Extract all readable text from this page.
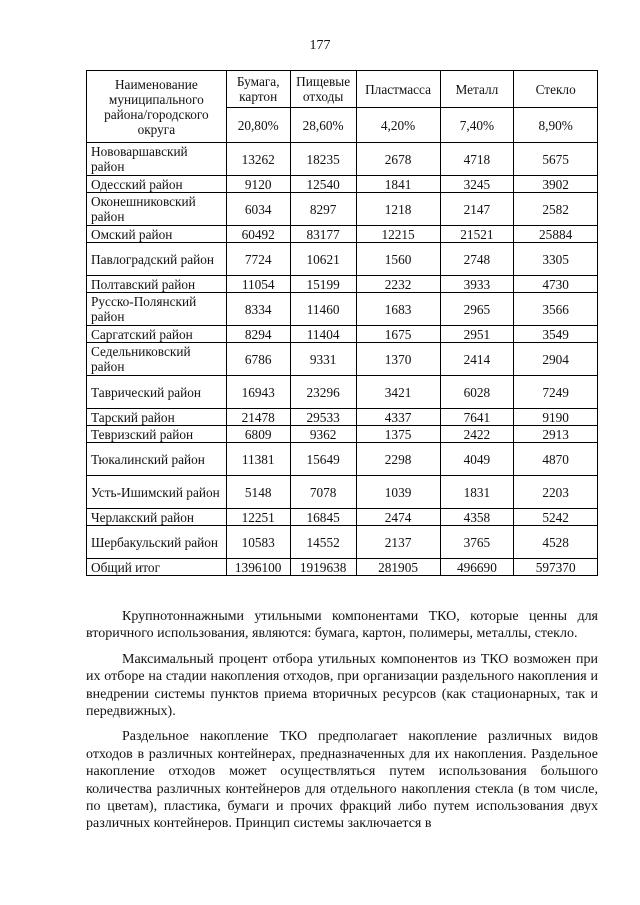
177
Наименование муниципального района/городского округа	Бумага, картон	Пищевые отходы	Пластмасса	Металл	Стекло
	20,80%	28,60%	4,20%	7,40%	8,90%
Нововаршавский район	13262	18235	2678	4718	5675
Одесский район	9120	12540	1841	3245	3902
Оконешниковский район	6034	8297	1218	2147	2582
Омский район	60492	83177	12215	21521	25884
Павлоградский район	7724	10621	1560	2748	3305
Полтавский район	11054	15199	2232	3933	4730
Русско-Полянский район	8334	11460	1683	2965	3566
Саргатский район	8294	11404	1675	2951	3549
Седельниковский район	6786	9331	1370	2414	2904
Таврический район	16943	23296	3421	6028	7249
Тарский район	21478	29533	4337	7641	9190
Тевризский район	6809	9362	1375	2422	2913
Тюкалинский район	11381	15649	2298	4049	4870
Усть-Ишимский район	5148	7078	1039	1831	2203
Черлакский район	12251	16845	2474	4358	5242
Шербакульский район	10583	14552	2137	3765	4528
Общий итог	1396100	1919638	281905	496690	597370

Крупнотоннажными утильными компонентами ТКО, которые ценны для вторичного использования, являются: бумага, картон, полимеры, металлы, стекло.

Максимальный процент отбора утильных компонентов из ТКО возможен при их отборе на стадии накопления отходов, при организации раздельного накопления и внедрении системы пунктов приема вторичных ресурсов (как стационарных, так и передвижных).

Раздельное накопление ТКО предполагает накопление различных видов отходов в различных контейнерах, предназначенных для их накопления. Раздельное накопление отходов может осуществляться путем использования большого количества различных контейнеров для отдельного накопления стекла (в том числе, по цветам), пластика, бумаги и прочих фракций либо путем использования двух различных контейнеров. Принцип системы заключается в
